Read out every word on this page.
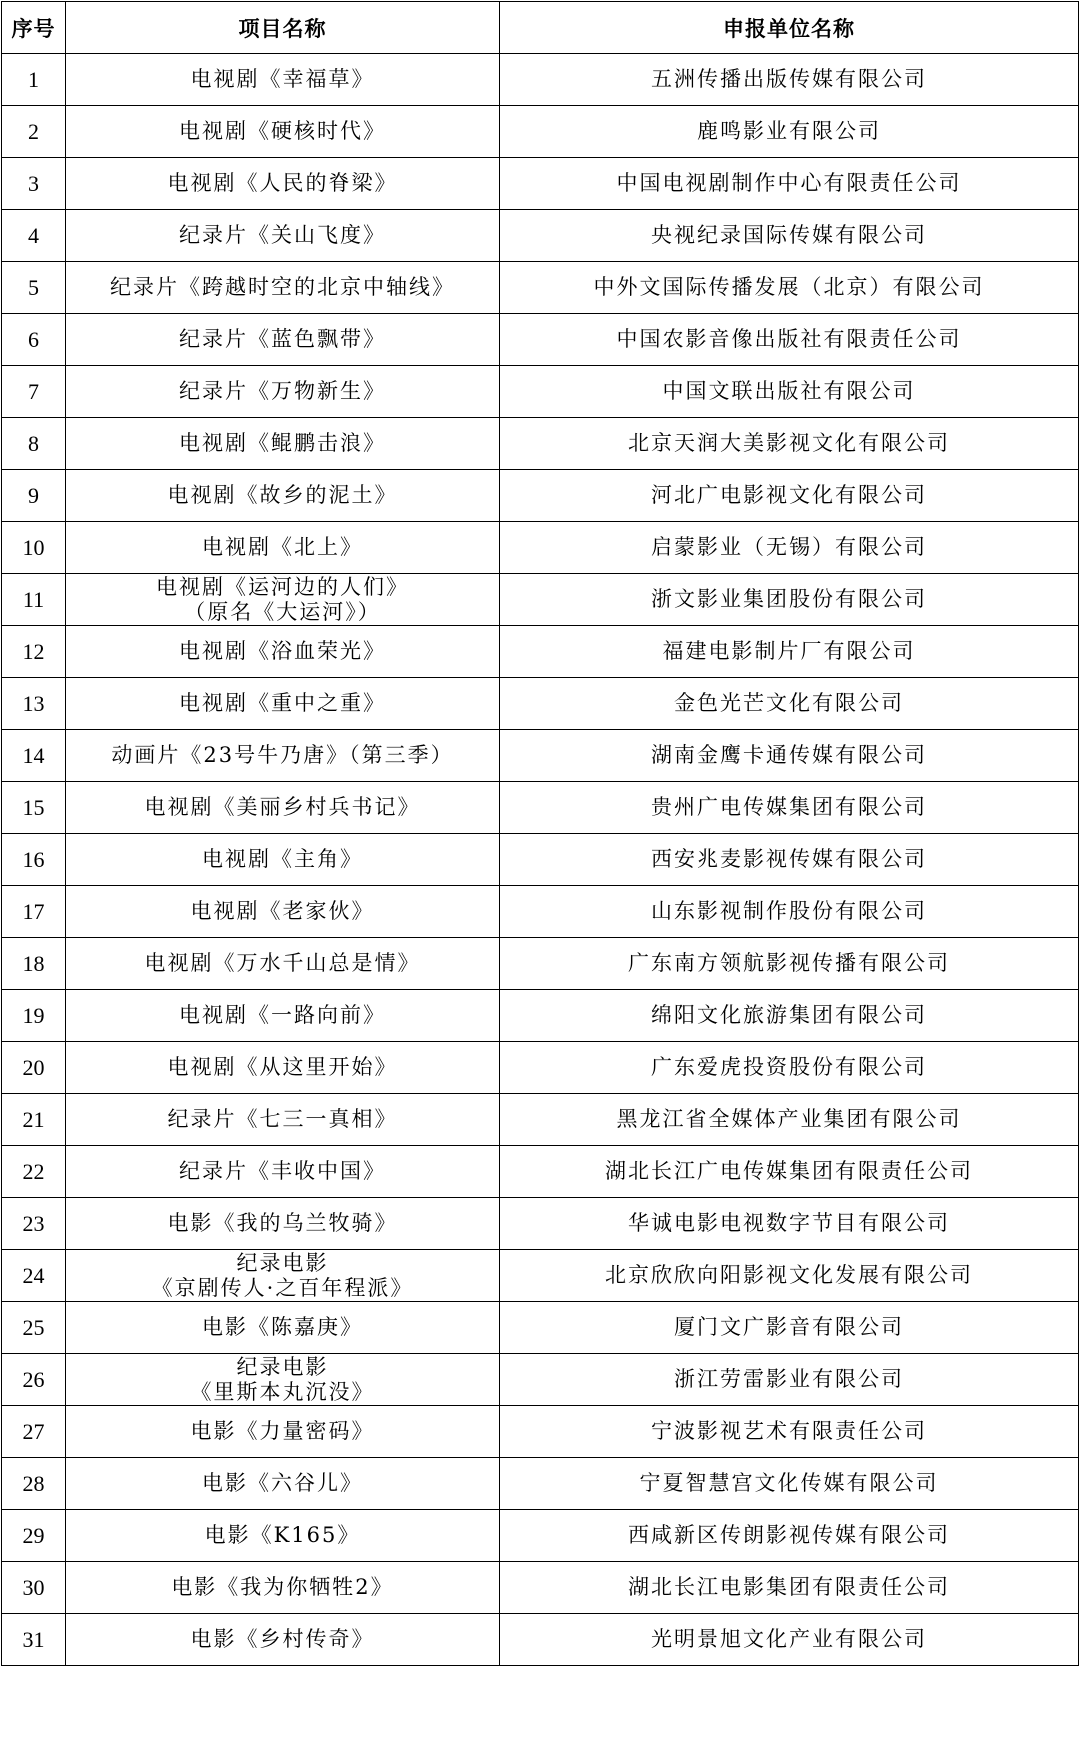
序号	项目名称	申报单位名称
1	电视剧《幸福草》	五洲传播出版传媒有限公司
2	电视剧《硬核时代》	鹿鸣影业有限公司
3	电视剧《人民的脊梁》	中国电视剧制作中心有限责任公司
4	纪录片《关山飞度》	央视纪录国际传媒有限公司
5	纪录片《跨越时空的北京中轴线》	中外文国际传播发展（北京）有限公司
6	纪录片《蓝色飘带》	中国农影音像出版社有限责任公司
7	纪录片《万物新生》	中国文联出版社有限公司
8	电视剧《鲲鹏击浪》	北京天润大美影视文化有限公司
9	电视剧《故乡的泥土》	河北广电影视文化有限公司
10	电视剧《北上》	启蒙影业（无锡）有限公司
11	电视剧《运河边的人们》
（原名《大运河》）	浙文影业集团股份有限公司
12	电视剧《浴血荣光》	福建电影制片厂有限公司
13	电视剧《重中之重》	金色光芒文化有限公司
14	动画片《23号牛乃唐》（第三季）	湖南金鹰卡通传媒有限公司
15	电视剧《美丽乡村兵书记》	贵州广电传媒集团有限公司
16	电视剧《主角》	西安兆麦影视传媒有限公司
17	电视剧《老家伙》	山东影视制作股份有限公司
18	电视剧《万水千山总是情》	广东南方领航影视传播有限公司
19	电视剧《一路向前》	绵阳文化旅游集团有限公司
20	电视剧《从这里开始》	广东爱虎投资股份有限公司
21	纪录片《七三一真相》	黑龙江省全媒体产业集团有限公司
22	纪录片《丰收中国》	湖北长江广电传媒集团有限责任公司
23	电影《我的乌兰牧骑》	华诚电影电视数字节目有限公司
24	纪录电影
《京剧传人·之百年程派》	北京欣欣向阳影视文化发展有限公司
25	电影《陈嘉庚》	厦门文广影音有限公司
26	纪录电影
《里斯本丸沉没》	浙江劳雷影业有限公司
27	电影《力量密码》	宁波影视艺术有限责任公司
28	电影《六谷儿》	宁夏智慧宫文化传媒有限公司
29	电影《K165》	西咸新区传朗影视传媒有限公司
30	电影《我为你牺牲2》	湖北长江电影集团有限责任公司
31	电影《乡村传奇》	光明景旭文化产业有限公司
